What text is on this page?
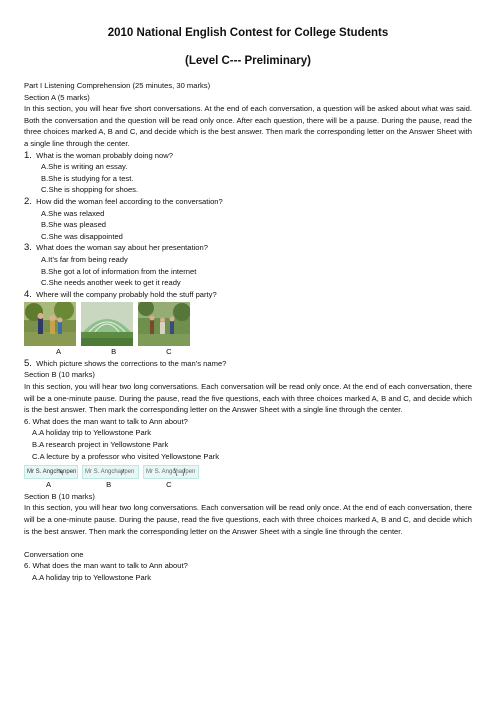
2010 National English Contest for College Students

(Level C--- Preliminary)

Part I Listening Comprehension (25 minutes, 30 marks)

Section A (5 marks)

In this section, you will hear five short conversations. At the end of each conversation, a question will be asked about what was said. Both the conversation and the question will be read only once. After each question, there will be a pause. During the pause, read the three choices marked A, B and C, and decide which is the best answer. Then mark the corresponding letter on the Answer Sheet with a single line through the center.

1. What is the woman probably doing now?

A.She is writing an essay.

B.She is studying for a test.

C.She is shopping for shoes.

2. How did the woman feel according to the conversation?

A.She was relaxed

B.She was pleased

C.She was disappointed

3. What does the woman say about her presentation?

A.It’s far from being ready

B.She got a lot of information from the internet

C.She needs another week to get it ready

4. Where will the company probably hold the stuff party?

A	B	C

5. Which picture shows the corrections to the man’s name?

Section B (10 marks)

In this section, you will hear two long conversations. Each conversation will be read only once. At the end of each conversation, there will be a one-minute pause. During the pause, read the five questions, each with three choices marked A, B and C, and decide which is the best answer. Then mark the corresponding letter on the Answer Sheet with a single line through the center.

6. What does the man want to talk to Ann about?

A.A holiday trip to Yellowstone Park

B.A research project in Yellowstone Park

C.A lecture by a professor who visited Yellowstone Park

Mr S. Angchanpen Mr S. Angchanpen Mr S. Angchanpen
A	B	C

Section B (10 marks)

In this section, you will hear two long conversations. Each conversation will be read only once. At the end of each conversation, there will be a one-minute pause. During the pause, read the five questions, each with three choices marked A, B and C, and decide which is the best answer. Then mark the corresponding letter on the Answer Sheet with a single line through the center.

Conversation one

6. What does the man want to talk to Ann about?

A.A holiday trip to Yellowstone Park
